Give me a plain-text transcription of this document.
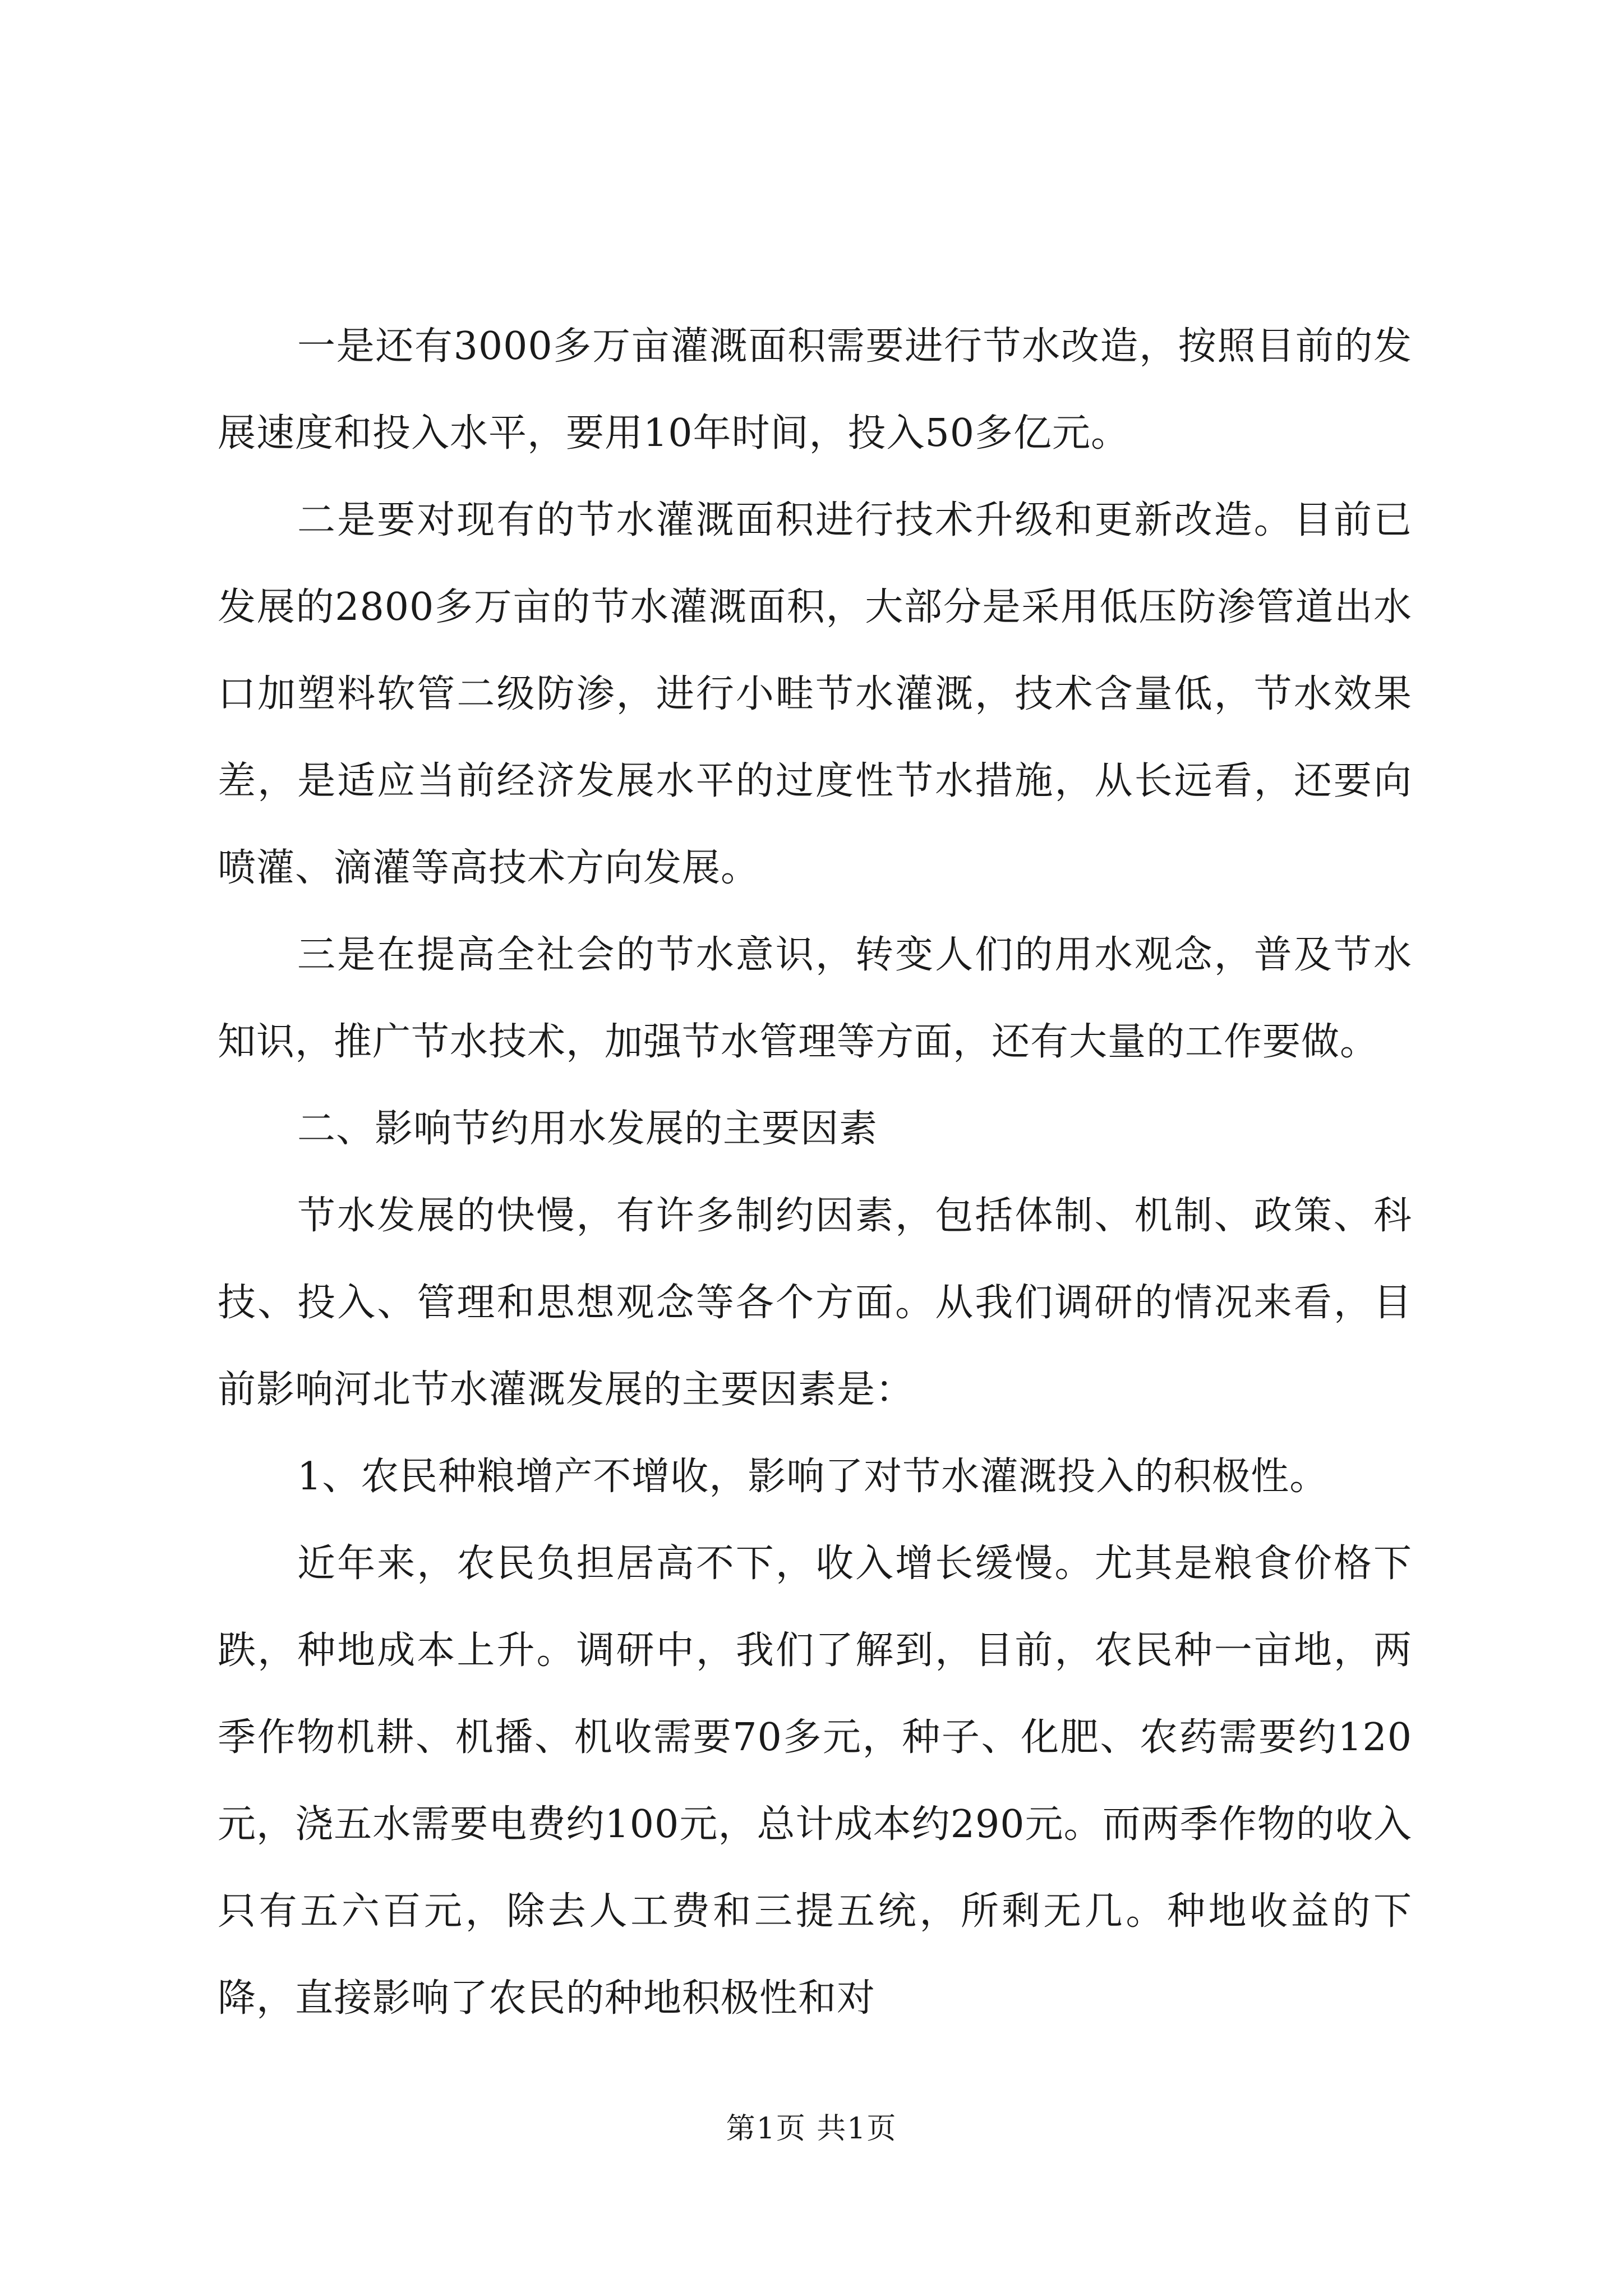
一是还有3000多万亩灌溉面积需要进行节水改造，按照目前的发展速度和投入水平，要用10年时间，投入50多亿元。

二是要对现有的节水灌溉面积进行技术升级和更新改造。目前已发展的2800多万亩的节水灌溉面积，大部分是采用低压防渗管道出水口加塑料软管二级防渗，进行小畦节水灌溉，技术含量低，节水效果差，是适应当前经济发展水平的过度性节水措施，从长远看，还要向喷灌、滴灌等高技术方向发展。

三是在提高全社会的节水意识，转变人们的用水观念，普及节水知识，推广节水技术，加强节水管理等方面，还有大量的工作要做。

二、影响节约用水发展的主要因素

节水发展的快慢，有许多制约因素，包括体制、机制、政策、科技、投入、管理和思想观念等各个方面。从我们调研的情况来看，目前影响河北节水灌溉发展的主要因素是：

1、农民种粮增产不增收，影响了对节水灌溉投入的积极性。

近年来，农民负担居高不下，收入增长缓慢。尤其是粮食价格下跌，种地成本上升。调研中，我们了解到，目前，农民种一亩地，两季作物机耕、机播、机收需要70多元，种子、化肥、农药需要约120元，浇五水需要电费约100元，总计成本约290元。而两季作物的收入只有五六百元，除去人工费和三提五统，所剩无几。种地收益的下降，直接影响了农民的种地积极性和对

第1页 共1页
